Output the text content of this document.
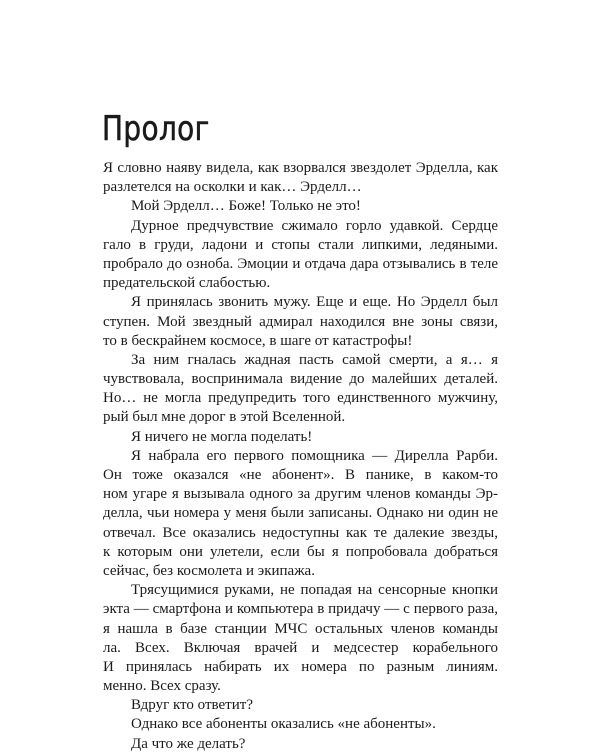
Пролог
Я словно наяву видела, как взорвался звездолет Эрделла, как
разлетелся на осколки и как… Эрделл…
Мой Эрделл… Боже! Только не это!
Дурное предчувствие сжимало горло удавкой. Сердце
гало в груди, ладони и стопы стали липкими, ледяными.
пробрало до озноба. Эмоции и отдача дара отзывались в теле
предательской слабостью.
Я принялась звонить мужу. Еще и еще. Но Эрделл был
ступен. Мой звездный адмирал находился вне зоны связи,
то в бескрайнем космосе, в шаге от катастрофы!
За ним гналась жадная пасть самой смерти, а я… я
чувствовала, воспринимала видение до малейших деталей.
Но… не могла предупредить того единственного мужчину,
рый был мне дорог в этой Вселенной.
Я ничего не могла поделать!
Я набрала его первого помощника — Дирелла Рарби.
Он тоже оказался «не абонент». В панике, в каком-то
ном угаре я вызывала одного за другим членов команды Эр-
делла, чьи номера у меня были записаны. Однако ни один не
отвечал. Все оказались недоступны как те далекие звезды,
к которым они улетели, если бы я попробовала добраться
сейчас, без космолета и экипажа.
Трясущимися руками, не попадая на сенсорные кнопки
экта — смартфона и компьютера в придачу — с первого раза,
я нашла в базе станции МЧС остальных членов команды
ла. Всех. Включая врачей и медсестер корабельного
И принялась набирать их номера по разным линиям.
менно. Всех сразу.
Вдруг кто ответит?
Однако все абоненты оказались «не абоненты».
Да что же делать?
